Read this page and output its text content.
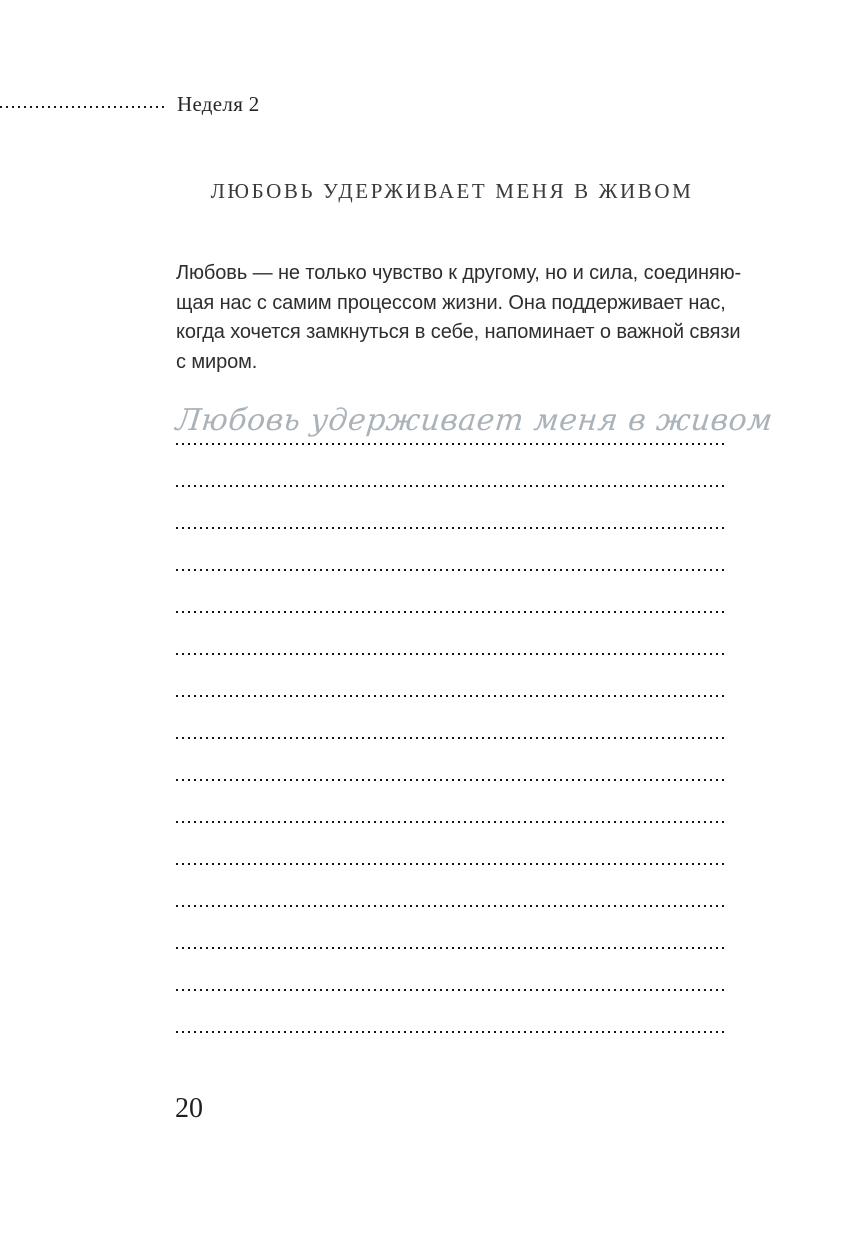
Неделя 2
ЛЮБОВЬ УДЕРЖИВАЕТ МЕНЯ В ЖИВОМ
Любовь — не только чувство к другому, но и сила, соединяю-
щая нас с самим процессом жизни. Она поддерживает нас,
когда хочется замкнуться в себе, напоминает о важной связи
с миром.
Любовь удерживает меня в живом
20
